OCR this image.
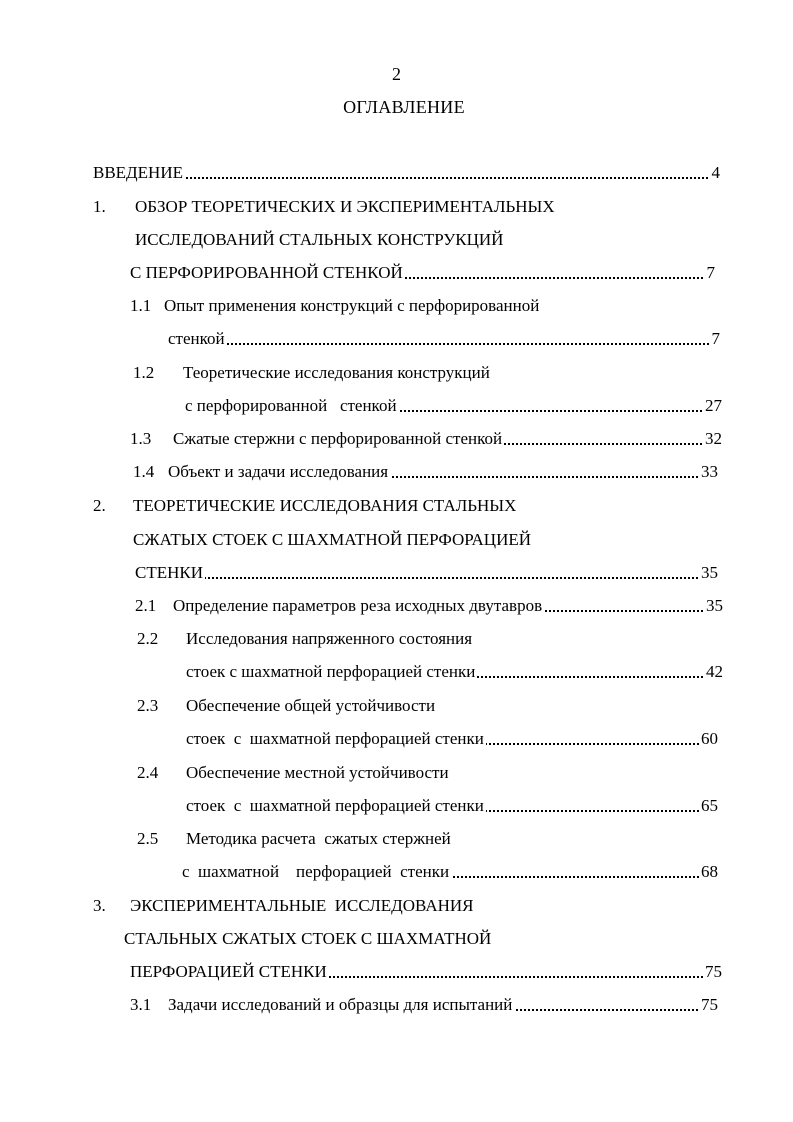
2
ОГЛАВЛЕНИЕ
ВВЕДЕНИЕ	4
1. ОБЗОР ТЕОРЕТИЧЕСКИХ И ЭКСПЕРИМЕНТАЛЬНЫХ
ИССЛЕДОВАНИЙ СТАЛЬНЫХ КОНСТРУКЦИЙ
С ПЕРФОРИРОВАННОЙ СТЕНКОЙ	7
1.1 Опыт применения конструкций с перфорированной
стенкой	7
1.2 Теоретические исследования конструкций
с перфорированной   стенкой	27
1.3 Сжатые стержни с перфорированной стенкой	32
1.4 Объект и задачи исследования	33
2. ТЕОРЕТИЧЕСКИЕ ИССЛЕДОВАНИЯ СТАЛЬНЫХ
СЖАТЫХ СТОЕК С ШАХМАТНОЙ ПЕРФОРАЦИЕЙ
СТЕНКИ	35
2.1 Определение параметров реза исходных двутавров	35
2.2 Исследования напряженного состояния
стоек с шахматной перфорацией стенки	42
2.3 Обеспечение общей устойчивости
стоек  с  шахматной перфорацией стенки	60
2.4 Обеспечение местной устойчивости
стоек  с  шахматной перфорацией стенки	65
2.5 Методика расчета  сжатых стержней
с  шахматной    перфорацией  стенки	68
3. ЭКСПЕРИМЕНТАЛЬНЫЕ  ИССЛЕДОВАНИЯ
СТАЛЬНЫХ СЖАТЫХ СТОЕК С ШАХМАТНОЙ
ПЕРФОРАЦИЕЙ СТЕНКИ	75
3.1 Задачи исследований и образцы для испытаний	75
